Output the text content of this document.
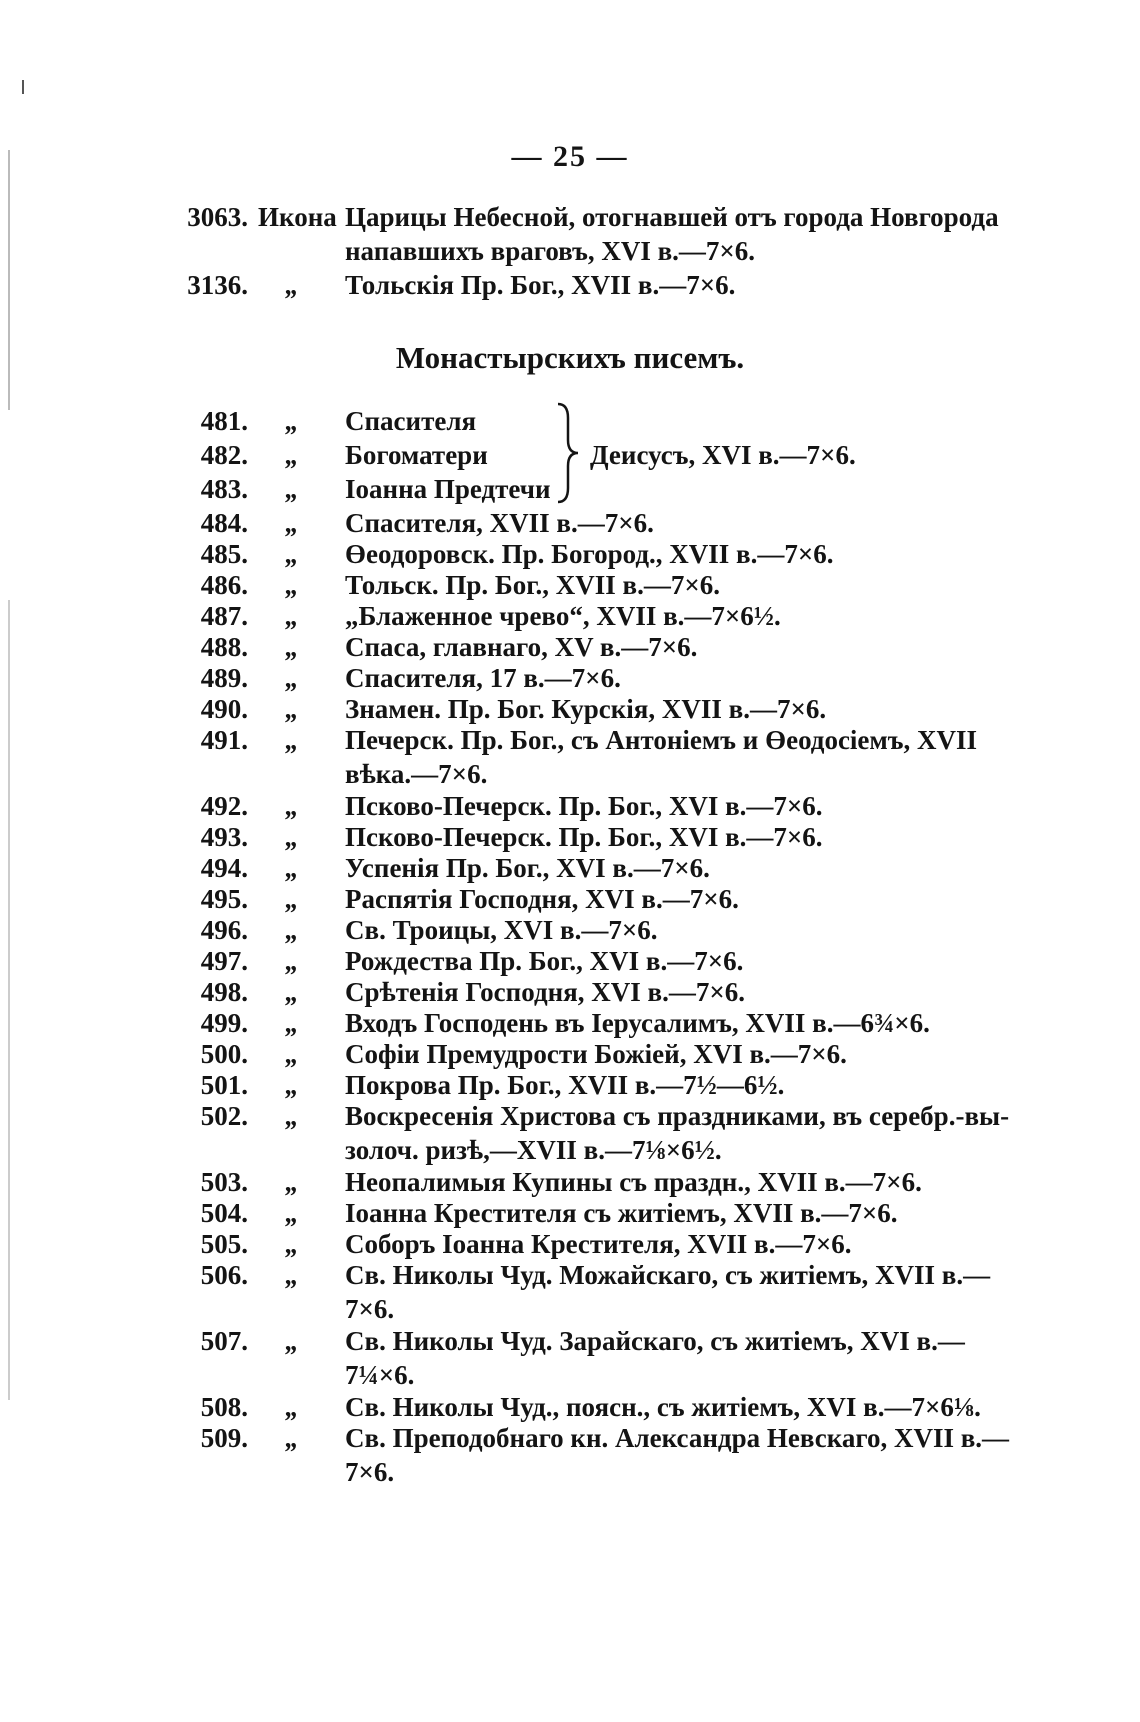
— 25 —
3063. Икона Царицы Небесной, отогнавшей отъ города Новгорода
напавшихъ враговъ, XVI в.—7×6.
3136.	„	Тольскія Пр. Бог., XVII в.—7×6.
Монастырскихъ писемъ.
481.	„	Спасителя
482.	„	Богоматери
483.	„	Іоанна Предтечи
Деисусъ, XVI в.—7×6.
484.	„	Спасителя, XVII в.—7×6.
485.	„	Өеодоровск. Пр. Богород., XVII в.—7×6.
486.	„	Тольск. Пр. Бог., XVII в.—7×6.
487.	„	„Блаженное чрево“, XVII в.—7×6½.
488.	„	Спаса, главнаго, XV в.—7×6.
489.	„	Спасителя, 17 в.—7×6.
490.	„	Знамен. Пр. Бог. Курскія, XVII в.—7×6.
491.	„	Печерск. Пр. Бог., съ Антоніемъ и Өеодосіемъ, XVII
вѣка.—7×6.
492.	„	Псково-Печерск. Пр. Бог., XVI в.—7×6.
493.	„	Псково-Печерск. Пр. Бог., XVI в.—7×6.
494.	„	Успенія Пр. Бог., XVI в.—7×6.
495.	„	Распятія Господня, XVI в.—7×6.
496.	„	Св. Троицы, XVI в.—7×6.
497.	„	Рождества Пр. Бог., XVI в.—7×6.
498.	„	Срѣтенія Господня, XVI в.—7×6.
499.	„	Входъ Господень въ Іерусалимъ, XVII в.—6¾×6.
500.	„	Софіи Премудрости Божіей, XVI в.—7×6.
501.	„	Покрова Пр. Бог., XVII в.—7½—6½.
502.	„	Воскресенія Христова съ праздниками, въ серебр.-вы-
золоч. ризѣ,—XVII в.—7⅛×6½.
503.	„	Неопалимыя Купины съ праздн., XVII в.—7×6.
504.	„	Іоанна Крестителя съ житіемъ, XVII в.—7×6.
505.	„	Соборъ Іоанна Крестителя, XVII в.—7×6.
506.	„	Св. Николы Чуд. Можайскаго, съ житіемъ, XVII в.—
7×6.
507.	„	Св. Николы Чуд. Зарайскаго, съ житіемъ, XVI в.—
7¼×6.
508.	„	Св. Николы Чуд., поясн., съ житіемъ, XVI в.—7×6⅛.
509.	„	Св. Преподобнаго кн. Александра Невскаго, XVII в.—
7×6.
